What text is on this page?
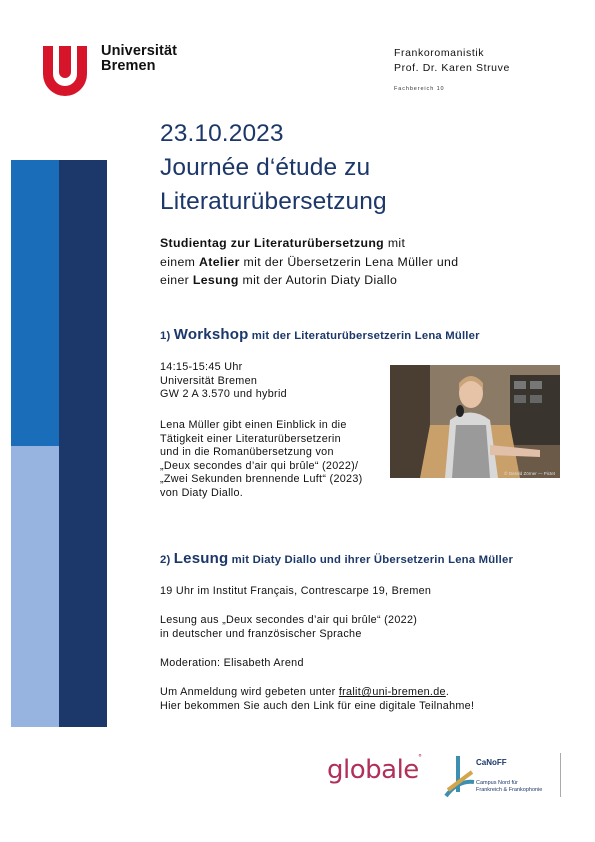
Universität
Bremen
Frankoromanistik
Prof. Dr. Karen Struve
Fachbereich 10
23.10.2023
Journée d‘étude zu
Literaturübersetzung
Studientag zur Literaturübersetzung mit
einem Atelier mit der Übersetzerin Lena Müller und
einer Lesung mit der Autorin Diaty Diallo
1) Workshop mit der Literaturübersetzerin Lena Müller
14:15-15:45 Uhr
Universität Bremen
GW 2 A 3.570 und hybrid
Lena Müller gibt einen Einblick in die
Tätigkeit einer Literaturübersetzerin
und in die Romanübersetzung von
„Deux secondes d’air qui brûle“ (2022)/
„Zwei Sekunden brennende Luft“ (2023)
von Diaty Diallo.
© Gerald Zörner — Pictet
2) Lesung mit Diaty Diallo und ihrer Übersetzerin Lena Müller
19 Uhr im Institut Français, Contrescarpe 19, Bremen
Lesung aus „Deux secondes d’air qui brûle“ (2022)
in deutscher und französischer Sprache
Moderation: Elisabeth Arend
Um Anmeldung wird gebeten unter fralit@uni-bremen.de.
Hier bekommen Sie auch den Link für eine digitale Teilnahme!
globale °
CaNoFF
Campus Nord für
Frankreich & Frankophonie
